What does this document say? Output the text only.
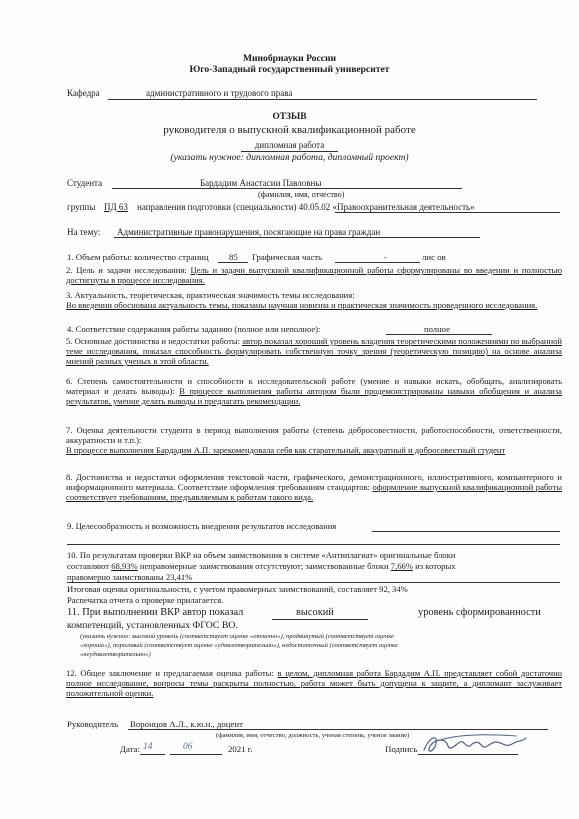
Минобрнауки России
Юго-Западный государственный университет
Кафедра	административного и трудового права
ОТЗЫВ
руководителя о выпускной квалификационной работе
дипломная работа
(указать нужное: дипломная работа, дипломный проект)
Студента	Бардадим Анастасии Павловны
(фамилия, имя, отчество)
группы ПД 63 направления подготовки (специальности) 40.05.02 «Правоохранительная деятельность»
На тему: Административные правонарушения, посягающие на права граждан
1. Объем работы: количество страниц 85 Графическая часть	-	лис ов

2. Цель и задачи исследования: Цель и задачи выпускной квалификационной работы сформулированы во введении и полностью достигнуты в процессе исследования.

3. Актуальность, теоретическая, практическая значимость темы исследования:

Во введении обоснована актуальность темы, показаны научная новизна и практическая значимость проведенного исследования.

4. Соответствие содержания работы заданию (полное или неполное):	полное

5. Основные достоинства и недостатки работы: автор показал хороший уровень владения теоретическими положениями по выбранной теме исследования, показал способность формулировать собственную точку зрения (теоретическую позицию) на основе анализа мнений разных ученых в этой области.

6. Степень самостоятельности и способности к исследовательской работе (умение и навыки искать, обобщать, анализировать материал и делать выводы): В процессе выполнения работы автором были продемонстрированы навыки обобщения и анализа результатов, умение делать выводы и предлагать рекомендации.

7. Оценка деятельности студента в период выполнения работы (степень добросовестности, работоспособности, ответственности, аккуратности и т.п.):

В процессе выполнения Бардадим А.П. зарекомендовала себя как старательный, аккуратный и добросовестный студент

8. Достоинства и недостатки оформления текстовой части, графического, демонстрационного, иллюстративного, компьютерного и информационного материала. Соответствие оформления требованиям стандартов: оформление выпускной квалификационной работы соответствует требованиям, предъявляемым к работам такого вида.

9. Целесообразность и возможность внедрения результатов исследования
10. По результатам проверки ВКР на объем заимствования в системе «Антиплагиат» оригинальные блоки
составляют 68,93% неправомерные заимствования отсутствуют; заимствованные блоки 7,66% из которых
правомерно заимствованы 23,41%
Итоговая оценка оригинальности, с учетом правомерных заимствований, составляет 92, 34%
Распечатка отчета о проверке прилагается.
11. При выполнении ВКР автор показал	высокий	уровень сформированности
компетенций, установленных ФГОС ВО.
(указать нужное: высокий уровень (соответствует оценке «отлично»), продвинутый (соответствует оценке
«хорошо»), пороговый (соответствует оценке «удовлетворительно»), недостаточный (соответствует оценке
«неудовлетворительно»)

12. Общее заключение и предлагаемая оценка работы: в целом, дипломная работа Бардадим А.П. представляет собой достаточно полное исследование, вопросы темы раскрыты полностью, работа может быть допущена к защите, а дипломант заслуживает положительной оценки.

Руководитель Воронцов А.Л., к.ю.н., доцент
(фамилия, имя, отчество, должность, ученая степень, ученое звание)
Дата: 14	06	2021 г.	Подпись
